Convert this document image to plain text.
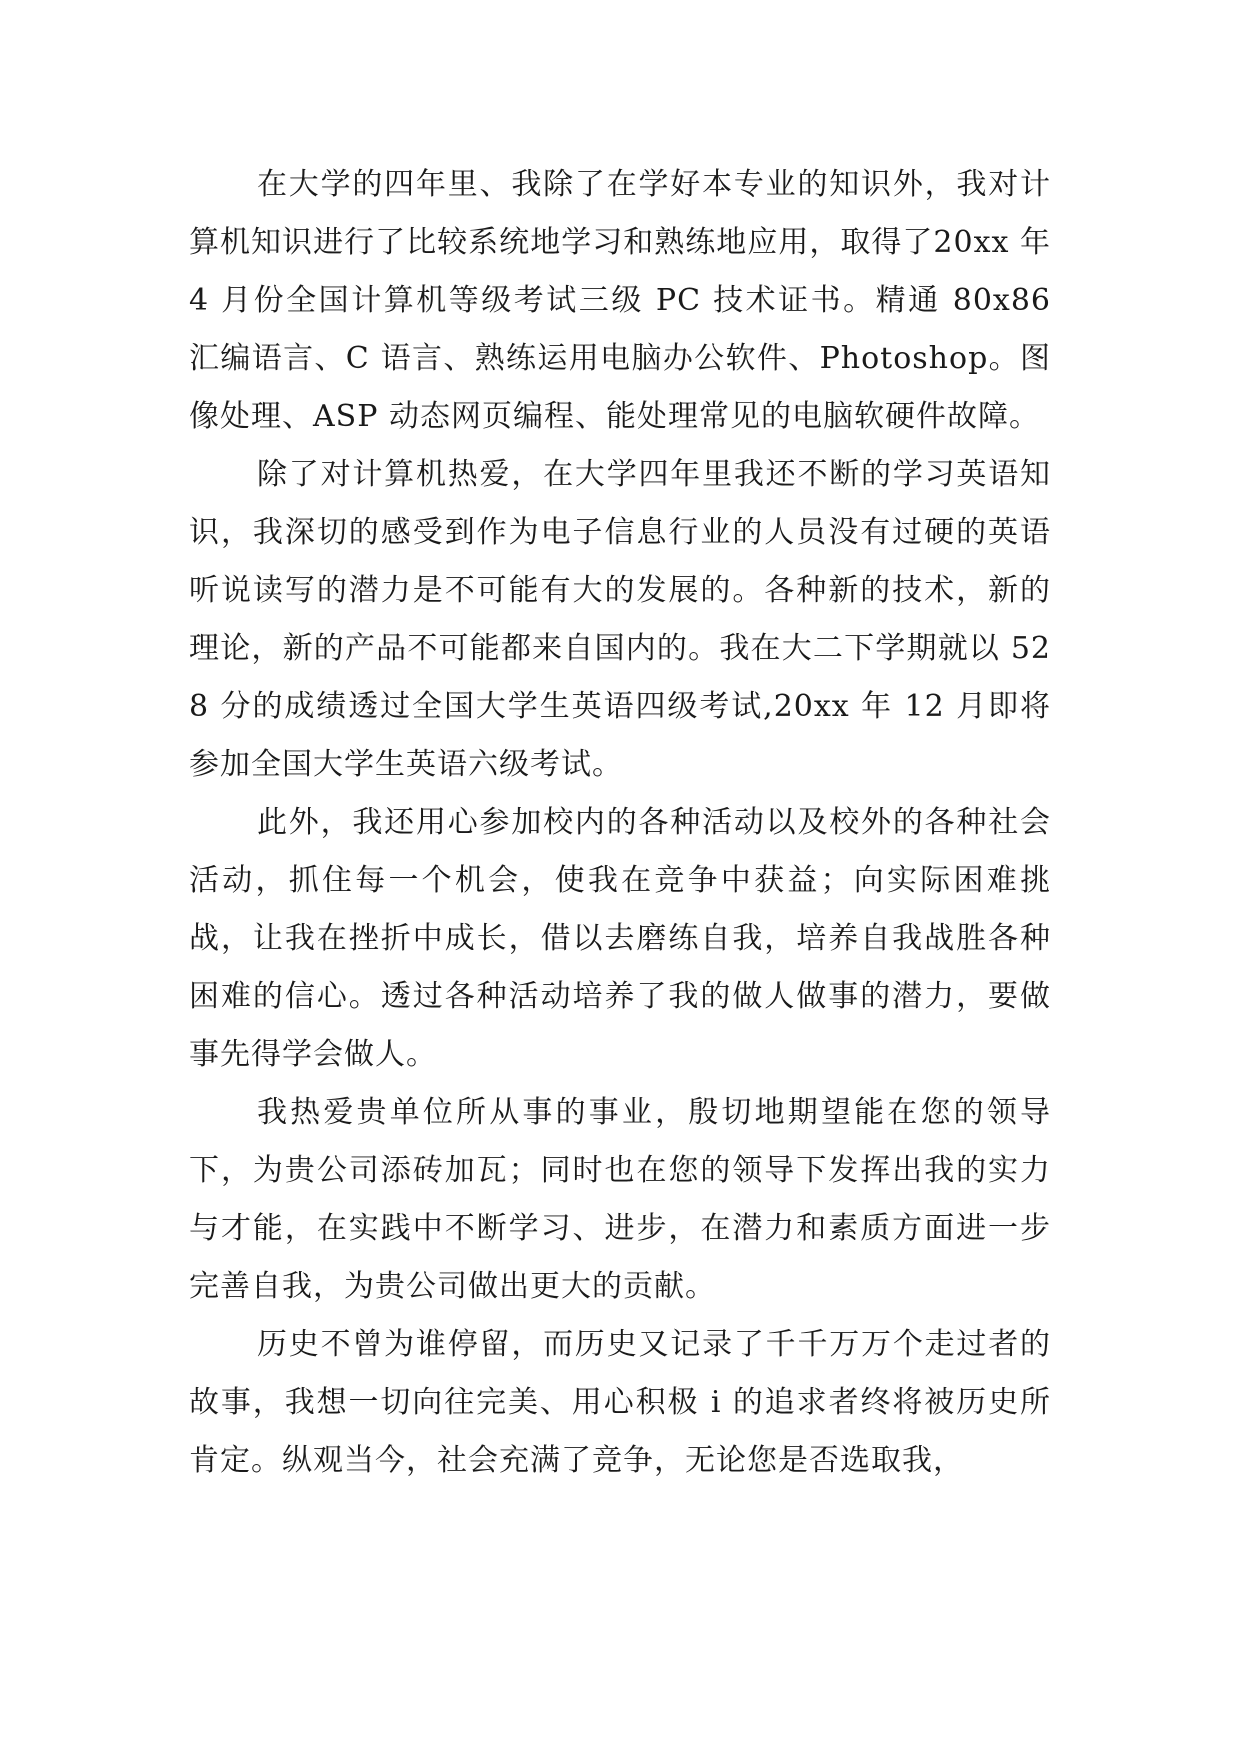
在大学的四年里、我除了在学好本专业的知识外，我对计算机知识进行了比较系统地学习和熟练地应用，取得了20xx 年 4 月份全国计算机等级考试三级 PC 技术证书。精通 80x86 汇编语言、C 语言、熟练运用电脑办公软件、Photoshop。图像处理、ASP 动态网页编程、能处理常见的电脑软硬件故障。

除了对计算机热爱，在大学四年里我还不断的学习英语知识，我深切的感受到作为电子信息行业的人员没有过硬的英语听说读写的潜力是不可能有大的发展的。各种新的技术，新的理论，新的产品不可能都来自国内的。我在大二下学期就以 528 分的成绩透过全国大学生英语四级考试,20xx 年 12 月即将参加全国大学生英语六级考试。

此外，我还用心参加校内的各种活动以及校外的各种社会活动，抓住每一个机会，使我在竞争中获益；向实际困难挑战，让我在挫折中成长，借以去磨练自我，培养自我战胜各种困难的信心。透过各种活动培养了我的做人做事的潜力，要做事先得学会做人。

我热爱贵单位所从事的事业，殷切地期望能在您的领导下，为贵公司添砖加瓦；同时也在您的领导下发挥出我的实力与才能，在实践中不断学习、进步，在潜力和素质方面进一步完善自我，为贵公司做出更大的贡献。

历史不曾为谁停留，而历史又记录了千千万万个走过者的故事，我想一切向往完美、用心积极 i 的追求者终将被历史所肯定。纵观当今，社会充满了竞争，无论您是否选取我，
